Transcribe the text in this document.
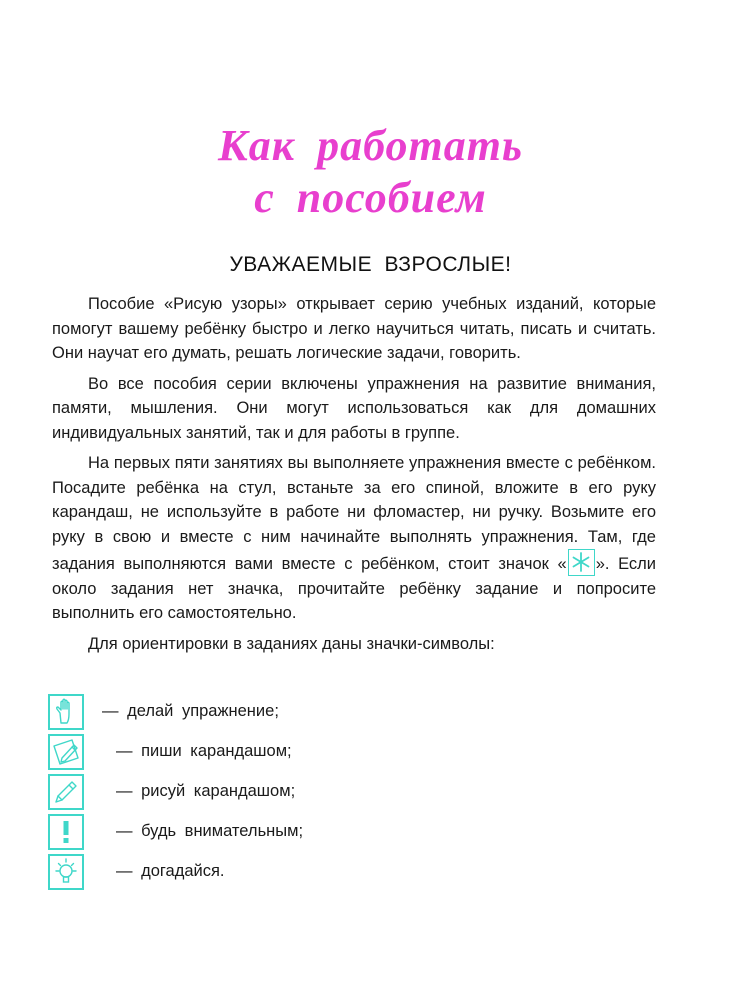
Как работать
с пособием
УВАЖАЕМЫЕ ВЗРОСЛЫЕ!

Пособие «Рисую узоры» открывает серию учебных изданий, которые помогут вашему ребёнку быстро и легко научиться читать, писать и считать. Они научат его думать, решать логические задачи, говорить.

Во все пособия серии включены упражнения на развитие внимания, памяти, мышления. Они могут использоваться как для домашних индивидуальных занятий, так и для работы в группе.

На первых пяти занятиях вы выполняете упражнения вместе с ребёнком. Посадите ребёнка на стул, встаньте за его спиной, вложите в его руку карандаш, не используйте в работе ни фломастер, ни ручку. Возьмите его руку в свою и вместе с ним начинайте выполнять упражнения. Там, где задания выполняются вами вместе с ребёнком, стоит значок « ». Если около задания нет значка, прочитайте ребёнку задание и попросите выполнить его самостоятельно.

Для ориентировки в заданиях даны значки-символы:

— делай упражнение;
— пиши карандашом;
— рисуй карандашом;
— будь внимательным;
— догадайся.
